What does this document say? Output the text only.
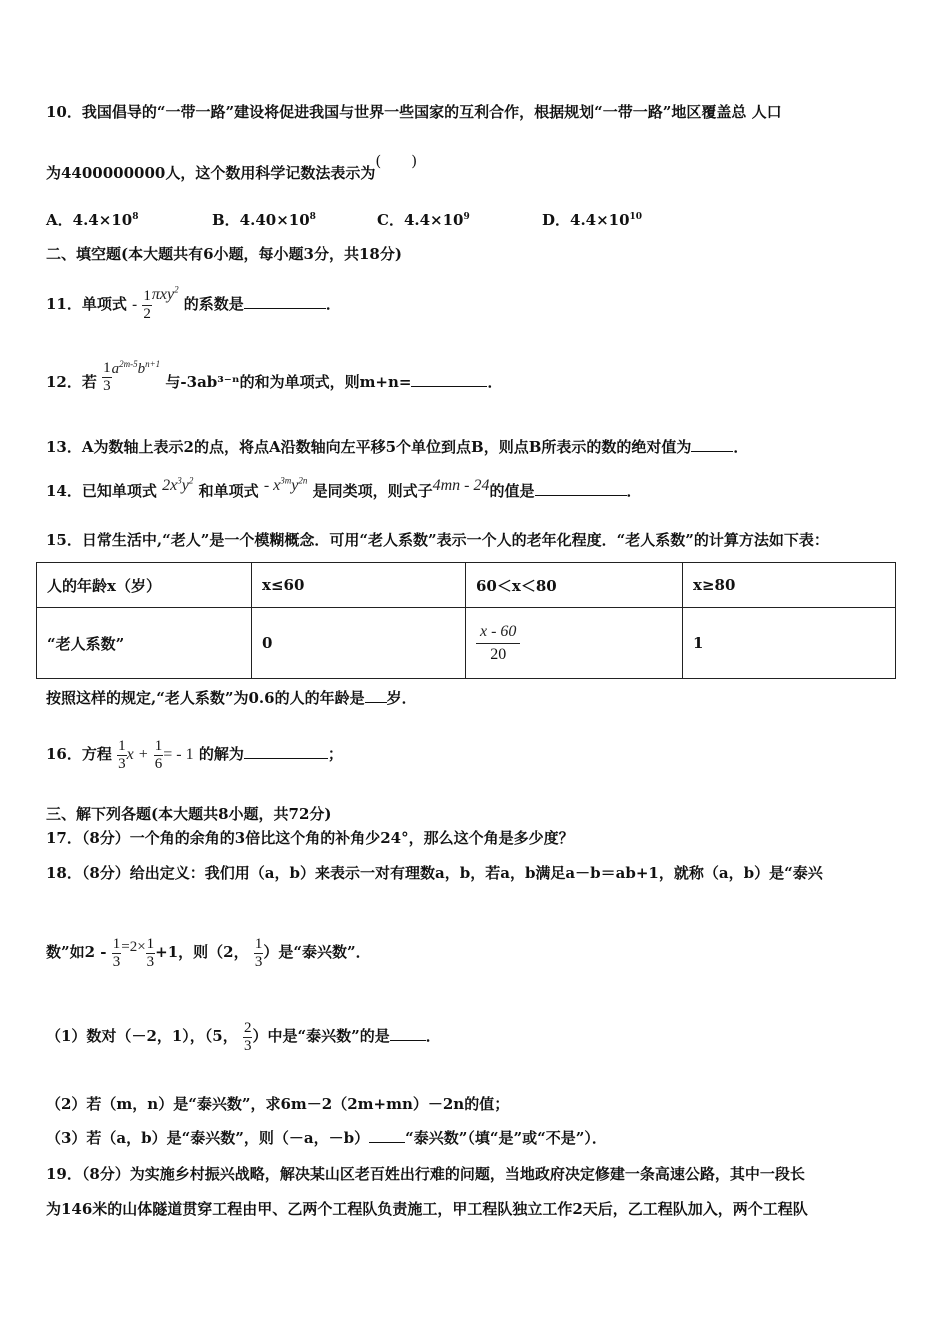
10．我国倡导的“一带一路”建设将促进我国与世界一些国家的互利合作，根据规划“一带一路”地区覆盖总 人口
为4400000000人，这个数用科学记数法表示为(　　)
A．$4.4\times 10^8$	B．$4.40\times 10^8$	C．$4.4\times 10^9$	D．$4.4\times 10^{10}$
二、填空题(本大题共有6小题，每小题3分，共18分)
11．单项式 - $\frac{1}{2} \pi xy^2$ 的系数是	．
12．若 $\frac{1}{3} a^{2m-5}b^{n+1}$ 与-3ab³⁻ⁿ的和为单项式，则m+n=	．
13．A为数轴上表示2的点，将点A沿数轴向左平移5个单位到点B，则点B所表示的数的绝对值为	．
14．已知单项式 $2x^3y^2$ 和单项式 - $x^{3m}y^{2n}$ 是同类项，则式子4mn - 24的值是	．
15．日常生活中,“老人”是一个模糊概念．可用“老人系数”表示一个人的老年化程度．“老人系数”的计算方法如下表：
人的年龄x（岁）	x≤60	60＜x＜80	x≥80
“老人系数”	0	$\frac{x - 60}{20}$	1
按照这样的规定,“老人系数”为0.6的人的年龄是 岁．
16．方程 $\frac{1}{3}$ $x + \frac{1}{6}$ = - 1 的解为	；
三、解下列各题(本大题共8小题，共72分)
17．（8分）一个角的余角的3倍比这个角的补角少24°，那么这个角是多少度？
18．（8分）给出定义：我们用（a，b）来表示一对有理数a，b，若a，b满足a－b＝ab+1，就称（a，b）是“泰兴
数”如$2 - \frac{1}{3} =2\times \frac{1}{3} +1$，则（2， $\frac{1}{3}$ ）是“泰兴数”．
（1）数对（－2，1），（5， $\frac{2}{3}$ ）中是“泰兴数”的是 ．
（2）若（m，n）是“泰兴数”，求6m－2（2m+mn）－2n的值；
（3）若（a，b）是“泰兴数”，则（－a，－b） “泰兴数”（填“是”或“不是”）．
19．（8分）为实施乡村振兴战略，解决某山区老百姓出行难的问题，当地政府决定修建一条高速公路，其中一段长
为146米的山体隧道贯穿工程由甲、乙两个工程队负责施工，甲工程队独立工作2天后，乙工程队加入，两个工程队
